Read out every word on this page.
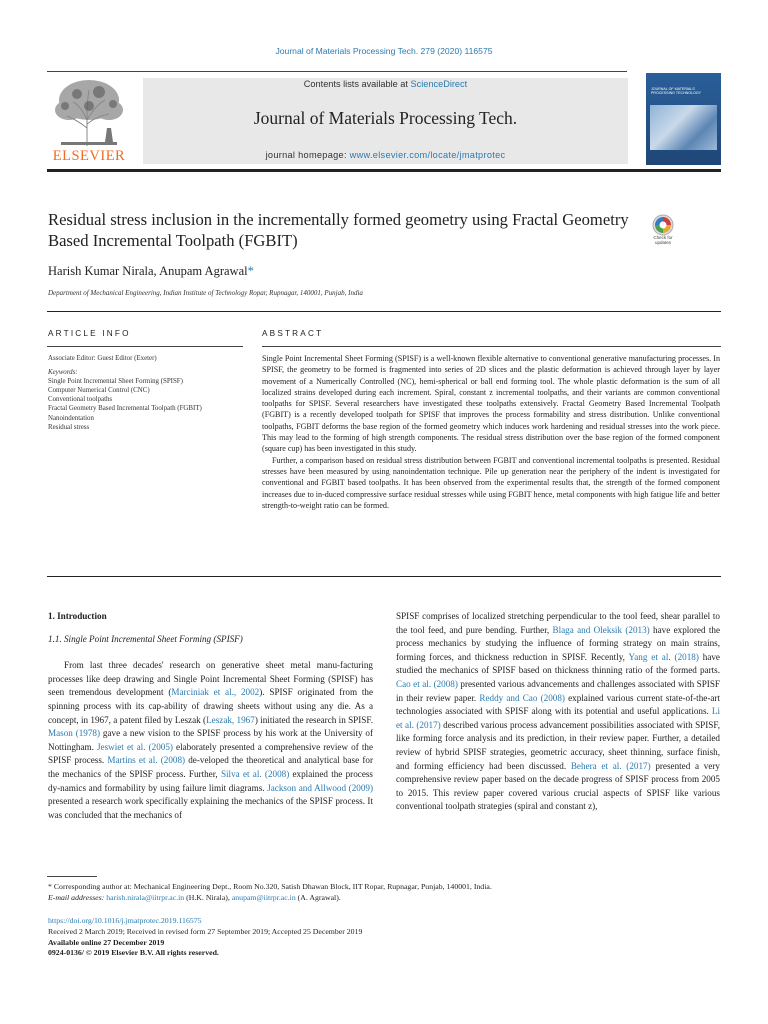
Journal of Materials Processing Tech. 279 (2020) 116575
ELSEVIER
Contents lists available at ScienceDirect
Journal of Materials Processing Tech.
journal homepage: www.elsevier.com/locate/jmatprotec
JOURNAL OF MATERIALS PROCESSING TECHNOLOGY
Residual stress inclusion in the incrementally formed geometry using Fractal Geometry Based Incremental Toolpath (FGBIT)	Check for updates
Harish Kumar Nirala, Anupam Agrawal*
Department of Mechanical Engineering, Indian Institute of Technology Ropar, Rupnagar, 140001, Punjab, India
ARTICLE INFO	ABSTRACT
Associate Editor: Guest Editor (Exeter)
Keywords:
Single Point Incremental Sheet Forming (SPISF)
Computer Numerical Control (CNC)
Conventional toolpaths
Fractal Geometry Based Incremental Toolpath (FGBIT)
Nanoindentation
Residual stress

Single Point Incremental Sheet Forming (SPISF) is a well-known flexible alternative to conventional generative manufacturing processes. In SPISF, the geometry to be formed is fragmented into series of 2D slices and the plastic deformation is achieved through layer by layer movement of a Numerically Controlled (NC), hemi-spherical or ball end forming tool. The whole plastic deformation is the sum of all localized strains developed during each increment. Spiral, constant z incremental toolpaths, and their variants are common conventional toolpaths for SPISF. Several researchers have investigated these toolpaths extensively. Fractal Geometry Based Incremental Toolpath (FGBIT) is a recently developed toolpath for SPISF that improves the process formability and stress distribution. Unlike conventional toolpaths, FGBIT deforms the base region of the formed geometry which induces work hardening and residual stresses into the work piece. This may lead to the forming of high strength components. The residual stress distribution over the base region of the formed component (square cup) has been investigated in this study.

Further, a comparison based on residual stress distribution between FGBIT and conventional incremental toolpaths is presented. Residual stresses have been measured by using nanoindentation technique. Pile up generation near the periphery of the indent is investigated for conventional and FGBIT based toolpaths. It has been observed from the experimental results that, the strength of the formed component increases due to in-duced compressive surface residual stresses while using FGBIT hence, metal components with high fatigue life and better strength-to-weight ratio can be formed.

1. Introduction

1.1. Single Point Incremental Sheet Forming (SPISF)

From last three decades' research on generative sheet metal manu-facturing processes like deep drawing and Single Point Incremental Sheet Forming (SPISF) has seen tremendous development (Marciniak et al., 2002). SPISF originated from the spinning process with its cap-ability of drawing sheets without using any die. As a concept, in 1967, a patent filed by Leszak (Leszak, 1967) initiated the research in SPISF. Mason (1978) gave a new vision to the SPISF process by his work at the University of Nottingham. Jeswiet et al. (2005) elaborately presented a comprehensive review of the SPISF process. Martins et al. (2008) de-veloped the theoretical and analytical base for the mechanics of the SPISF process. Further, Silva et al. (2008) explained the process dy-namics and formability by using failure limit diagrams. Jackson and Allwood (2009) presented a research work specifically explaining the mechanics of the SPISF process. It was concluded that the mechanics of

SPISF comprises of localized stretching perpendicular to the tool feed, shear parallel to the tool feed, and pure bending. Further, Blaga and Oleksik (2013) have explored the process mechanics by studying the influence of forming strategy on main strains, forming forces, and thickness reduction in SPISF. Recently, Yang et al. (2018) have studied the mechanics of SPISF based on thickness thinning ratio of the formed parts. Cao et al. (2008) presented various advancements and challenges associated with SPISF in their review paper. Reddy and Cao (2008) explained various current state-of-the-art technologies associated with SPISF along with its potential and useful applications. Li et al. (2017) described various process advancement possibilities associated with SPISF, like forming force analysis and its prediction, in their review paper. Further, a detailed review of hybrid SPISF strategies, geometric accuracy, sheet thinning, surface finish, and forming efficiency had been discussed. Behera et al. (2017) presented a very comprehensive review paper based on the decade progress of SPISF process from 2005 to 2015. This review paper covered various crucial aspects of SPISF like various conventional toolpath strategies (spiral and constant z),

* Corresponding author at: Mechanical Engineering Dept., Room No.320, Satish Dhawan Block, IIT Ropar, Rupnagar, Punjab, 140001, India.
E-mail addresses: harish.nirala@iitrpr.ac.in (H.K. Nirala), anupam@iitrpr.ac.in (A. Agrawal).
https://doi.org/10.1016/j.jmatprotec.2019.116575
Received 2 March 2019; Received in revised form 27 September 2019; Accepted 25 December 2019
Available online 27 December 2019
0924-0136/ © 2019 Elsevier B.V. All rights reserved.
